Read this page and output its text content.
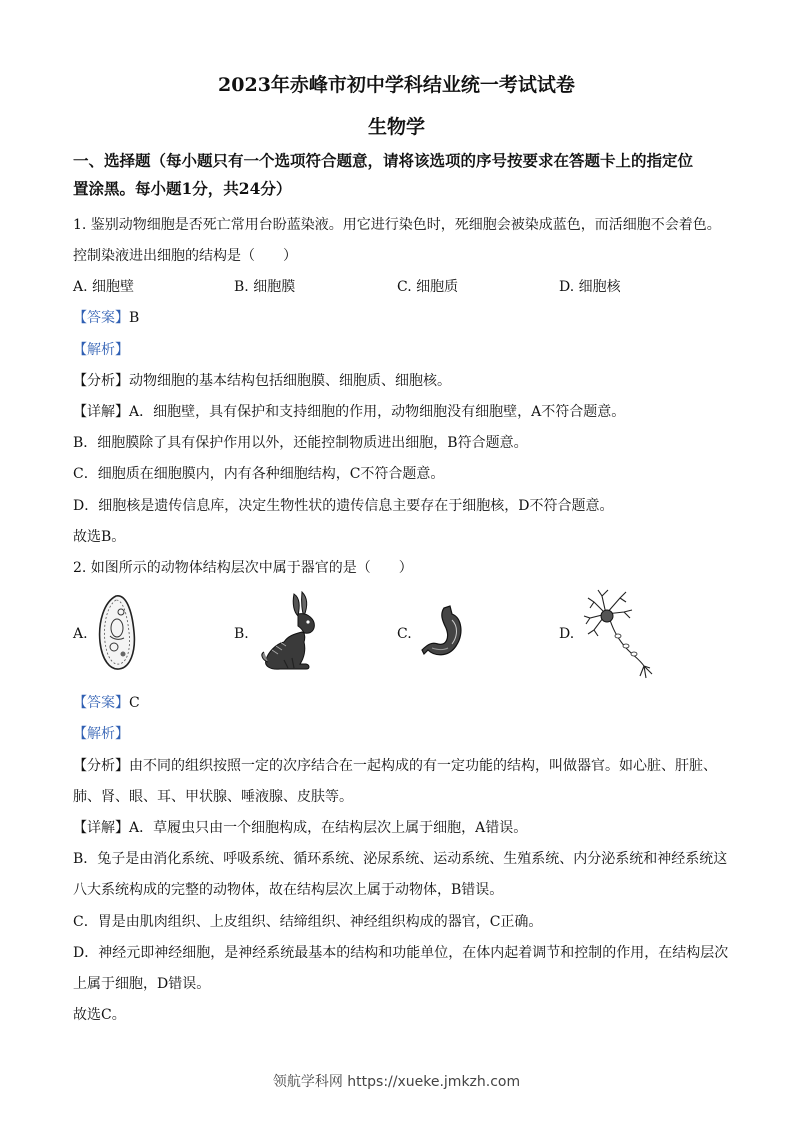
2023年赤峰市初中学科结业统一考试试卷
生物学
一、选择题（每小题只有一个选项符合题意，请将该选项的序号按要求在答题卡上的指定位
置涂黑。每小题1分，共24分）
1. 鉴别动物细胞是否死亡常用台盼蓝染液。用它进行染色时，死细胞会被染成蓝色，而活细胞不会着色。
控制染液进出细胞的结构是（　　）
A. 细胞壁	B. 细胞膜	C. 细胞质	D. 细胞核
【答案】B
【解析】
【分析】动物细胞的基本结构包括细胞膜、细胞质、细胞核。
【详解】A．细胞壁，具有保护和支持细胞的作用，动物细胞没有细胞壁，A不符合题意。
B．细胞膜除了具有保护作用以外，还能控制物质进出细胞，B符合题意。
C．细胞质在细胞膜内，内有各种细胞结构，C不符合题意。
D．细胞核是遗传信息库，决定生物性状的遗传信息主要存在于细胞核，D不符合题意。
故选B。
2. 如图所示的动物体结构层次中属于器官的是（　　）
A.	B.	C.	D.
【答案】C
【解析】
【分析】由不同的组织按照一定的次序结合在一起构成的有一定功能的结构，叫做器官。如心脏、肝脏、
肺、肾、眼、耳、甲状腺、唾液腺、皮肤等。
【详解】A．草履虫只由一个细胞构成，在结构层次上属于细胞，A错误。
B．兔子是由消化系统、呼吸系统、循环系统、泌尿系统、运动系统、生殖系统、内分泌系统和神经系统这
八大系统构成的完整的动物体，故在结构层次上属于动物体，B错误。
C．胃是由肌肉组织、上皮组织、结缔组织、神经组织构成的器官，C正确。
D．神经元即神经细胞，是神经系统最基本的结构和功能单位，在体内起着调节和控制的作用，在结构层次
上属于细胞，D错误。
故选C。
领航学科网 https://xueke.jmkzh.com
